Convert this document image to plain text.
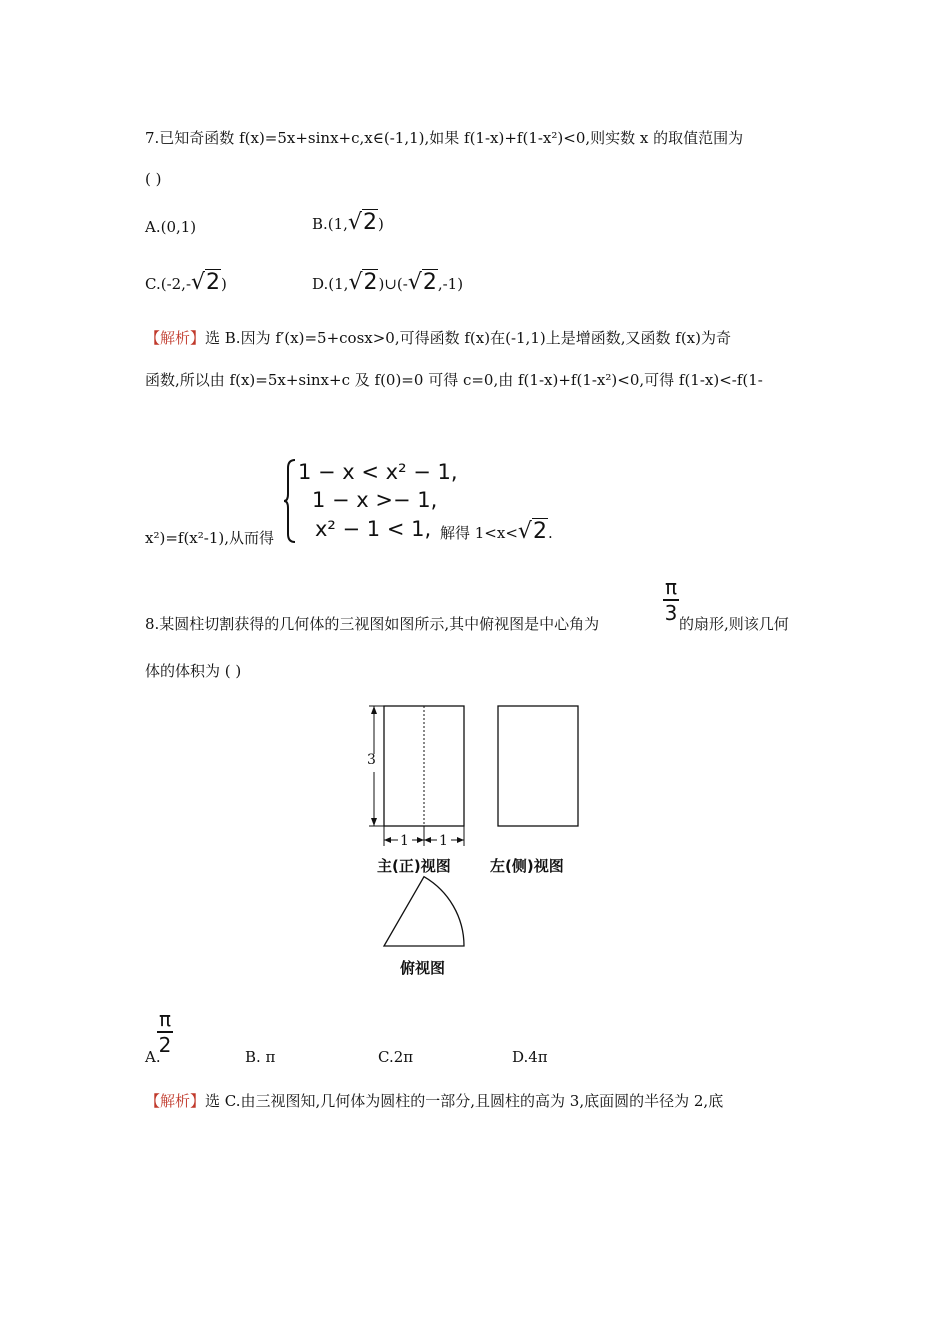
7.已知奇函数 f(x)=5x+sinx+c,x∈(-1,1),如果 f(1-x)+f(1-x²)<0,则实数 x 的取值范围为
( )
A.(0,1)	B.(1,√2)
C.(-2,-√2)	D.(1,√2)∪(-√2,-1)
【解析】选 B.因为 f′(x)=5+cosx>0,可得函数 f(x)在(-1,1)上是增函数,又函数 f(x)为奇
函数,所以由 f(x)=5x+sinx+c 及 f(0)=0 可得 c=0,由 f(1-x)+f(1-x²)<0,可得 f(1-x)<-f(1-
x²)=f(x²-1),从而得
1 − x < x² − 1,
1 − x >− 1,
x² − 1 < 1, 解得 1<x<√2.
8.某圆柱切割获得的几何体的三视图如图所示,其中俯视图是中心角为	$\frac{\pi}{3}$ 的扇形,则该几何
体的体积为 ( )
3
1 1
主(正)视图	左(侧)视图
俯视图
A.
$\frac{\pi}{2}$	B. π	C.2π	D.4π
【解析】选 C.由三视图知,几何体为圆柱的一部分,且圆柱的高为 3,底面圆的半径为 2,底
